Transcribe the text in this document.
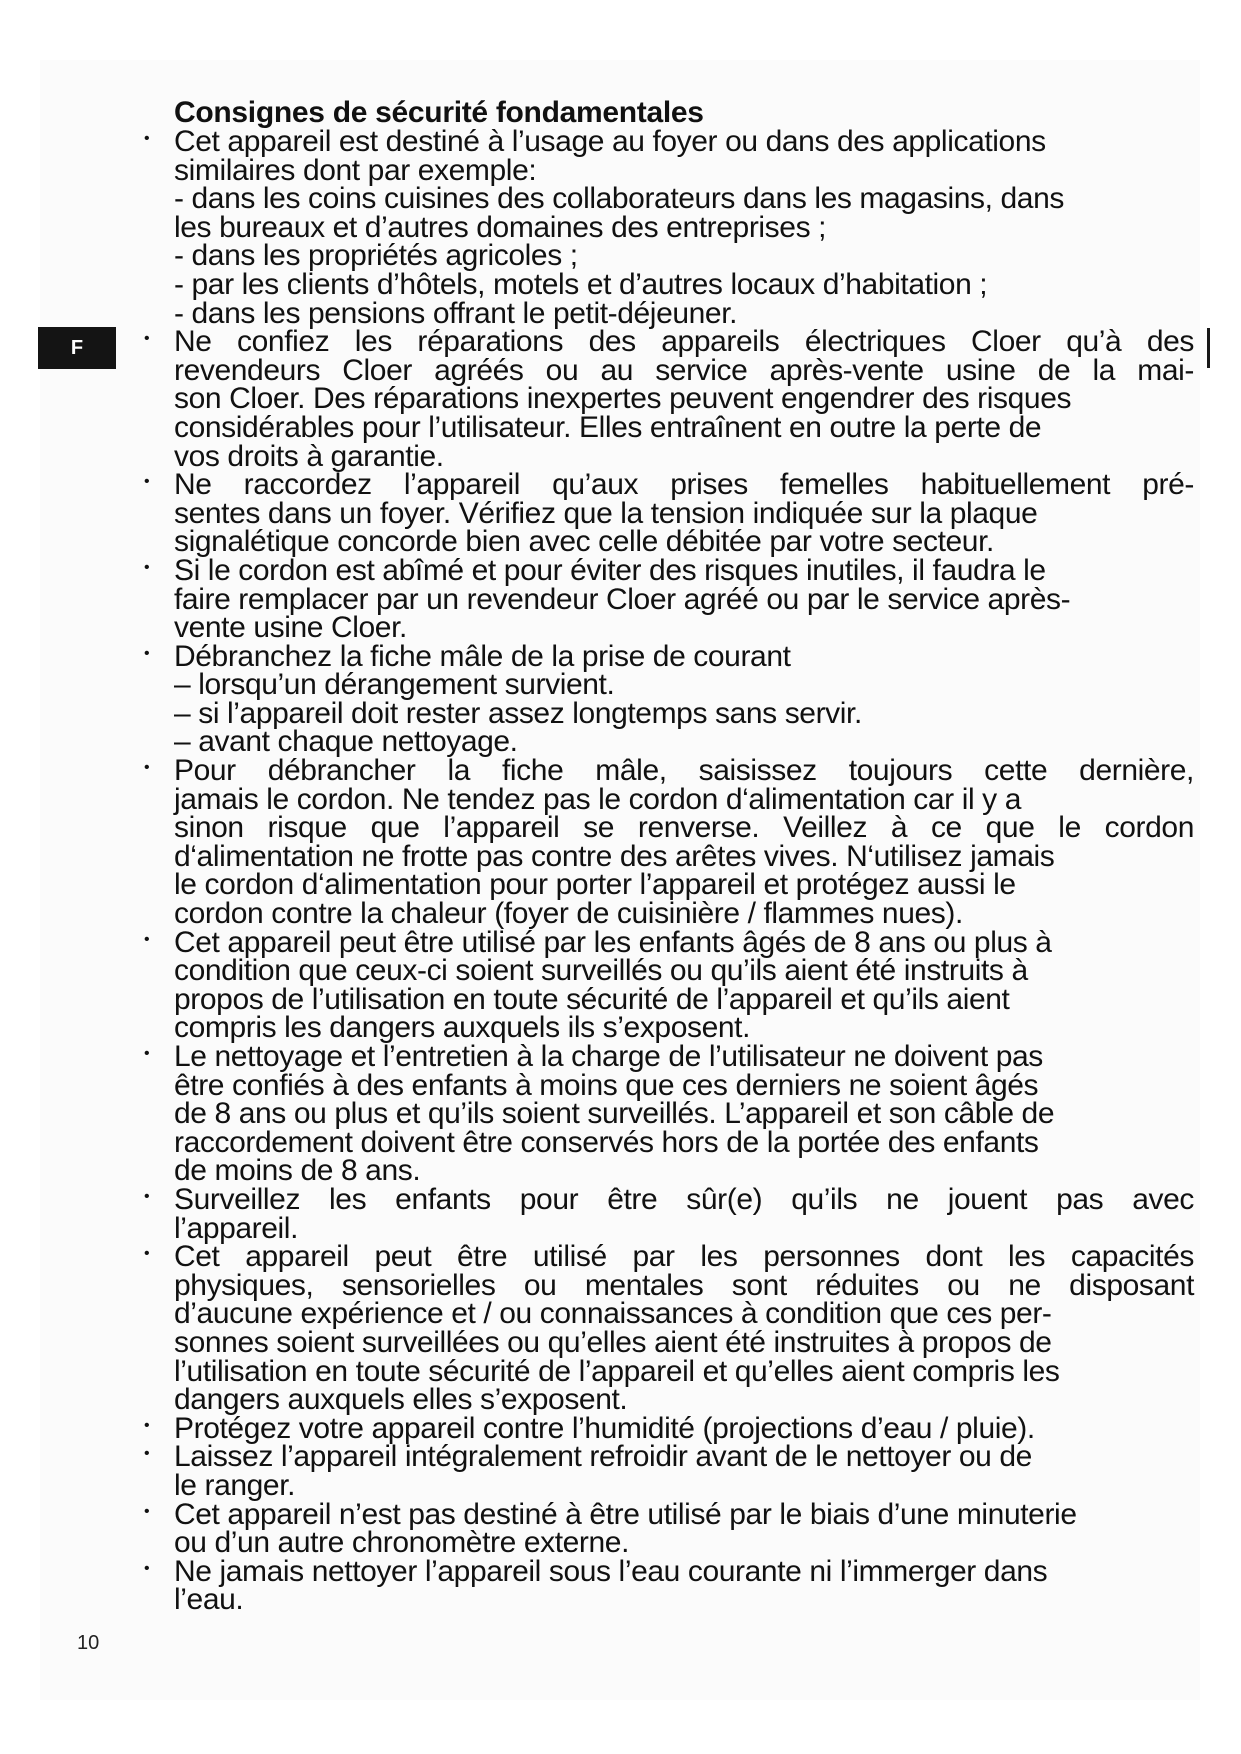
F
10
Consignes de sécurité fondamentales
• Cet appareil est destiné à l’usage au foyer ou dans des applications
similaires dont par exemple:
- dans les coins cuisines des collaborateurs dans les magasins, dans
les bureaux et d’autres domaines des entreprises ;
- dans les propriétés agricoles ;
- par les clients d’hôtels, motels et d’autres locaux d’habitation ;
- dans les pensions offrant le petit-déjeuner.
• Ne confiez les réparations des appareils électriques Cloer qu’à des
revendeurs Cloer agréés ou au service après-vente usine de la mai-
son Cloer. Des réparations inexpertes peuvent engendrer des risques
considérables pour l’utilisateur. Elles entraînent en outre la perte de
vos droits à garantie.
• Ne raccordez l’appareil qu’aux prises femelles habituellement pré-
sentes dans un foyer. Vérifiez que la tension indiquée sur la plaque
signalétique concorde bien avec celle débitée par votre secteur.
• Si le cordon est abîmé et pour éviter des risques inutiles, il faudra le
faire remplacer par un revendeur Cloer agréé ou par le service après-
vente usine Cloer.
• Débranchez la fiche mâle de la prise de courant
– lorsqu’un dérangement survient.
– si l’appareil doit rester assez longtemps sans servir.
– avant chaque nettoyage.
• Pour débrancher la fiche mâle, saisissez toujours cette dernière,
jamais le cordon. Ne tendez pas le cordon d‘alimentation car il y a
sinon risque que l’appareil se renverse. Veillez à ce que le cordon
d‘alimentation ne frotte pas contre des arêtes vives. N‘utilisez jamais
le cordon d‘alimentation pour porter l’appareil et protégez aussi le
cordon contre la chaleur (foyer de cuisinière / flammes nues).
• Cet appareil peut être utilisé par les enfants âgés de 8 ans ou plus à
condition que ceux-ci soient surveillés ou qu’ils aient été instruits à
propos de l’utilisation en toute sécurité de l’appareil et qu’ils aient
compris les dangers auxquels ils s’exposent.
• Le nettoyage et l’entretien à la charge de l’utilisateur ne doivent pas
être confiés à des enfants à moins que ces derniers ne soient âgés
de 8 ans ou plus et qu’ils soient surveillés. L’appareil et son câble de
raccordement doivent être conservés hors de la portée des enfants
de moins de 8 ans.
• Surveillez les enfants pour être sûr(e) qu’ils ne jouent pas avec
l’appareil.
• Cet appareil peut être utilisé par les personnes dont les capacités
physiques, sensorielles ou mentales sont réduites ou ne disposant
d’aucune expérience et / ou connaissances à condition que ces per-
sonnes soient surveillées ou qu’elles aient été instruites à propos de
l’utilisation en toute sécurité de l’appareil et qu’elles aient compris les
dangers auxquels elles s’exposent.
• Protégez votre appareil contre l’humidité (projections d’eau / pluie).
• Laissez l’appareil intégralement refroidir avant de le nettoyer ou de
le ranger.
• Cet appareil n’est pas destiné à être utilisé par le biais d’une minuterie
ou d’un autre chronomètre externe.
• Ne jamais nettoyer l’appareil sous l’eau courante ni l’immerger dans
l’eau.
